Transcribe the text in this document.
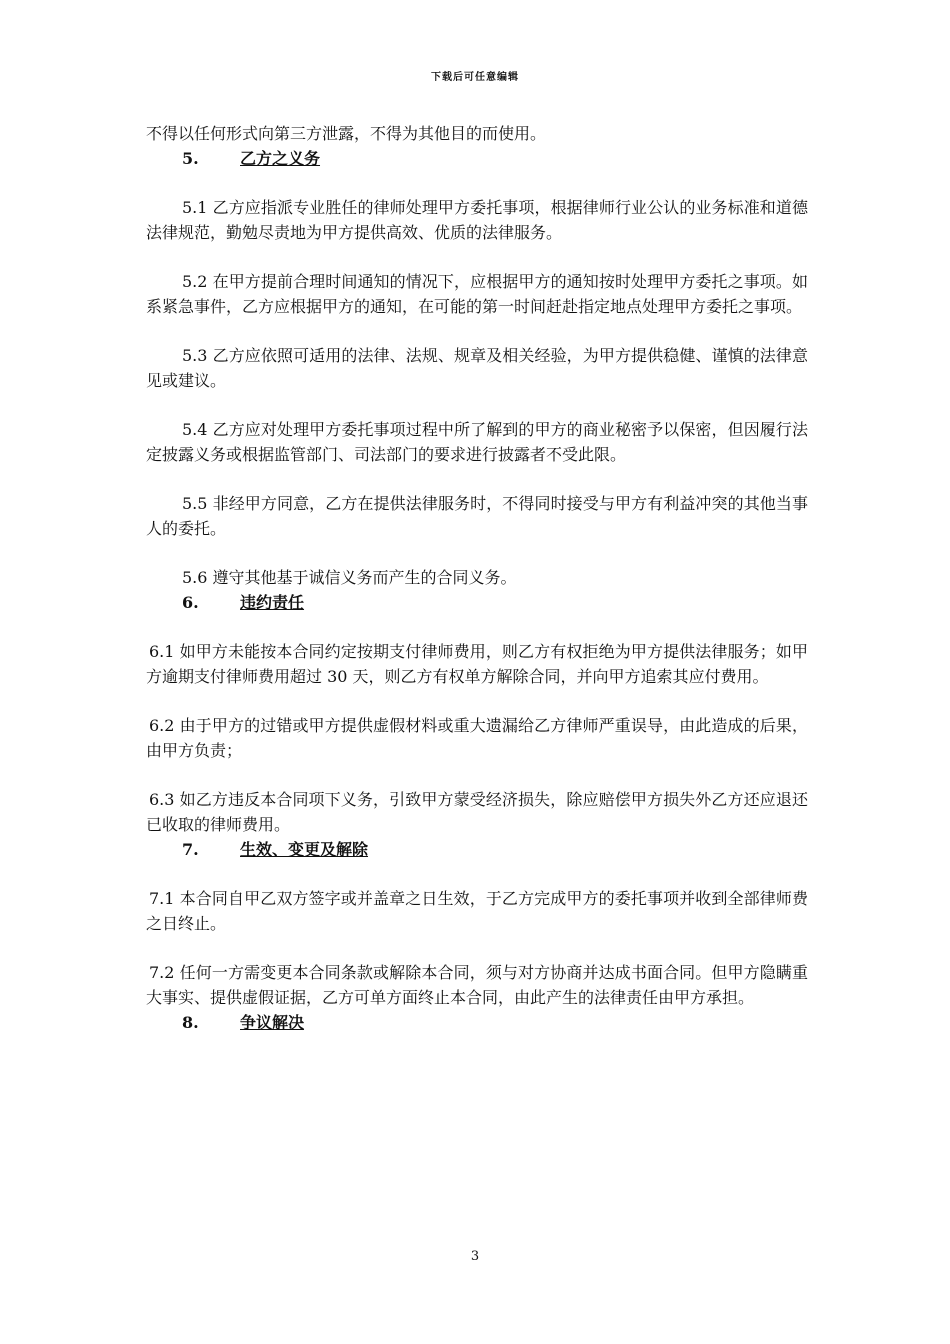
下载后可任意编辑

不得以任何形式向第三方泄露，不得为其他目的而使用。

5.	乙方之义务

5.1 乙方应指派专业胜任的律师处理甲方委托事项，根据律师行业公认的业务标准和道德法律规范，勤勉尽责地为甲方提供高效、优质的法律服务。

5.2 在甲方提前合理时间通知的情况下，应根据甲方的通知按时处理甲方委托之事项。如系紧急事件，乙方应根据甲方的通知，在可能的第一时间赶赴指定地点处理甲方委托之事项。

5.3 乙方应依照可适用的法律、法规、规章及相关经验，为甲方提供稳健、谨慎的法律意见或建议。

5.4 乙方应对处理甲方委托事项过程中所了解到的甲方的商业秘密予以保密，但因履行法定披露义务或根据监管部门、司法部门的要求进行披露者不受此限。

5.5 非经甲方同意，乙方在提供法律服务时，不得同时接受与甲方有利益冲突的其他当事人的委托。

5.6 遵守其他基于诚信义务而产生的合同义务。

6.	违约责任

6.1 如甲方未能按本合同约定按期支付律师费用，则乙方有权拒绝为甲方提供法律服务；如甲方逾期支付律师费用超过 30 天，则乙方有权单方解除合同，并向甲方追索其应付费用。

6.2 由于甲方的过错或甲方提供虚假材料或重大遗漏给乙方律师严重误导，由此造成的后果，由甲方负责；

6.3 如乙方违反本合同项下义务，引致甲方蒙受经济损失，除应赔偿甲方损失外乙方还应退还已收取的律师费用。

7.	生效、变更及解除

7.1 本合同自甲乙双方签字或并盖章之日生效，于乙方完成甲方的委托事项并收到全部律师费之日终止。

7.2 任何一方需变更本合同条款或解除本合同，须与对方协商并达成书面合同。但甲方隐瞒重大事实、提供虚假证据，乙方可单方面终止本合同，由此产生的法律责任由甲方承担。

8.	争议解决
3
